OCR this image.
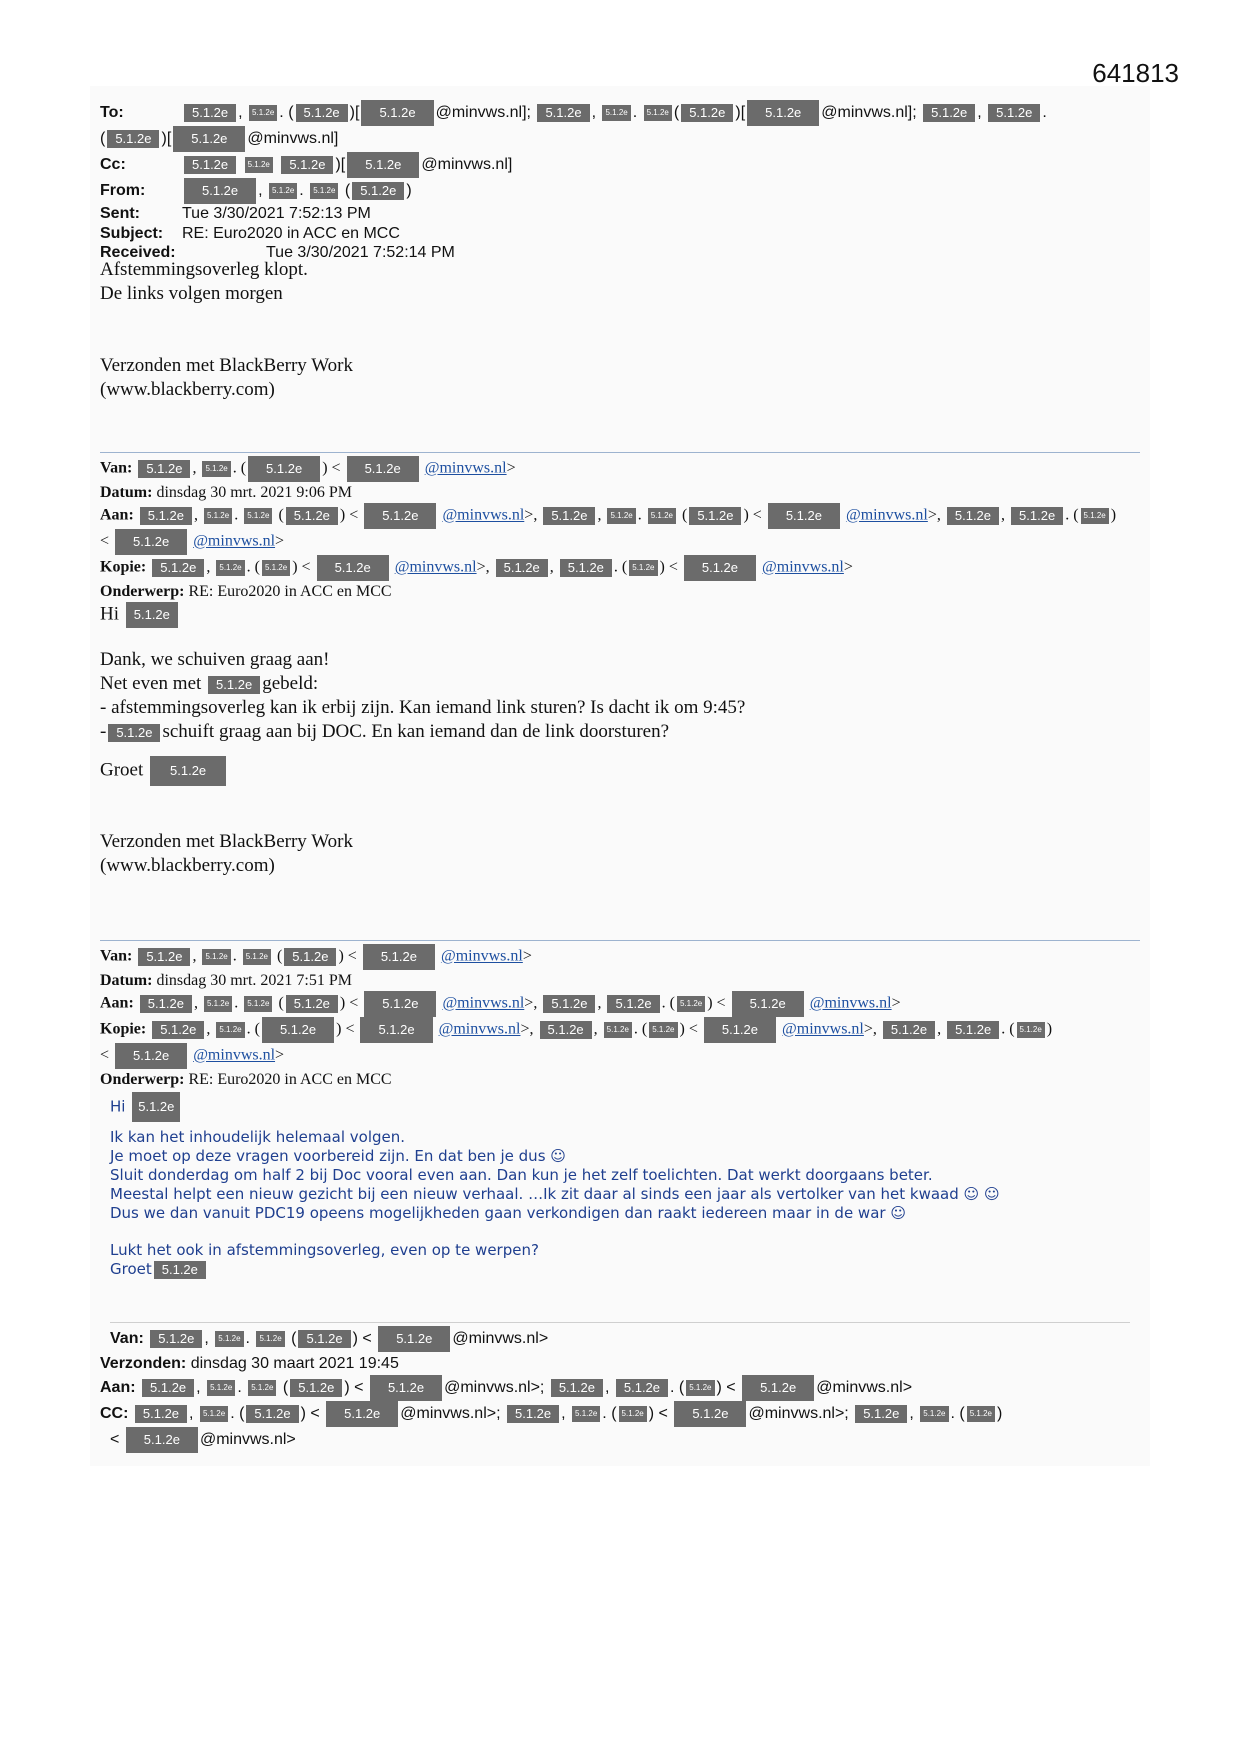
641813
To:	5.1.2e , 5.1.2e . ( 5.1.2e )[ 5.1.2e @minvws.nl]; 5.1.2e , 5.1.2e . 5.1.2e ( 5.1.2e )[ 5.1.2e @minvws.nl]; 5.1.2e , 5.1.2e .
( 5.1.2e )[ 5.1.2e @minvws.nl]
Cc:	5.1.2e 5.1.2e 5.1.2e )[ 5.1.2e @minvws.nl]
From:	5.1.2e , 5.1.2e . 5.1.2e ( 5.1.2e )
Sent:	Tue 3/30/2021 7:52:13 PM
Subject: RE: Euro2020 in ACC en MCC
Received:	Tue 3/30/2021 7:52:14 PM

Afstemmingsoverleg klopt.

De links volgen morgen

Verzonden met BlackBerry Work

(www.blackberry.com)

Van: 5.1.2e , 5.1.2e . ( 5.1.2e ) < 5.1.2e @minvws.nl>
Datum: dinsdag 30 mrt. 2021 9:06 PM
Aan: 5.1.2e , 5.1.2e . 5.1.2e ( 5.1.2e ) < 5.1.2e @minvws.nl>, 5.1.2e , 5.1.2e . 5.1.2e ( 5.1.2e ) < 5.1.2e @minvws.nl>, 5.1.2e , 5.1.2e . ( 5.1.2e )
< 5.1.2e @minvws.nl>
Kopie: 5.1.2e , 5.1.2e . ( 5.1.2e ) < 5.1.2e @minvws.nl>, 5.1.2e , 5.1.2e . ( 5.1.2e ) < 5.1.2e @minvws.nl>
Onderwerp: RE: Euro2020 in ACC en MCC

Hi 5.1.2e

Dank, we schuiven graag aan!

Net even met 5.1.2e gebeld:

- afstemmingsoverleg kan ik erbij zijn. Kan iemand link sturen? Is dacht ik om 9:45?

- 5.1.2e schuift graag aan bij DOC. En kan iemand dan de link doorsturen?

Groet 5.1.2e

Verzonden met BlackBerry Work

(www.blackberry.com)

Van: 5.1.2e , 5.1.2e . 5.1.2e ( 5.1.2e ) < 5.1.2e @minvws.nl>
Datum: dinsdag 30 mrt. 2021 7:51 PM
Aan: 5.1.2e , 5.1.2e . 5.1.2e ( 5.1.2e ) < 5.1.2e @minvws.nl>, 5.1.2e , 5.1.2e . ( 5.1.2e ) < 5.1.2e @minvws.nl>
Kopie: 5.1.2e , 5.1.2e . ( 5.1.2e ) < 5.1.2e @minvws.nl>, 5.1.2e , 5.1.2e . ( 5.1.2e ) < 5.1.2e @minvws.nl>, 5.1.2e , 5.1.2e . ( 5.1.2e )
< 5.1.2e @minvws.nl>
Onderwerp: RE: Euro2020 in ACC en MCC

Hi 5.1.2e

Ik kan het inhoudelijk helemaal volgen.

Je moet op deze vragen voorbereid zijn. En dat ben je dus ☺

Sluit donderdag om half 2 bij Doc vooral even aan. Dan kun je het zelf toelichten. Dat werkt doorgaans beter.

Meestal helpt een nieuw gezicht bij een nieuw verhaal. …Ik zit daar al sinds een jaar als vertolker van het kwaad ☺ ☺

Dus we dan vanuit PDC19 opeens mogelijkheden gaan verkondigen dan raakt iedereen maar in de war ☺

Lukt het ook in afstemmingsoverleg, even op te werpen?

Groet 5.1.2e

Van: 5.1.2e , 5.1.2e . 5.1.2e ( 5.1.2e ) < 5.1.2e @minvws.nl>
Verzonden: dinsdag 30 maart 2021 19:45
Aan: 5.1.2e , 5.1.2e . 5.1.2e ( 5.1.2e ) < 5.1.2e @minvws.nl>; 5.1.2e , 5.1.2e . ( 5.1.2e ) < 5.1.2e @minvws.nl>
CC: 5.1.2e , 5.1.2e . ( 5.1.2e ) < 5.1.2e @minvws.nl>; 5.1.2e , 5.1.2e . ( 5.1.2e ) < 5.1.2e @minvws.nl>; 5.1.2e , 5.1.2e . ( 5.1.2e )
< 5.1.2e @minvws.nl>
